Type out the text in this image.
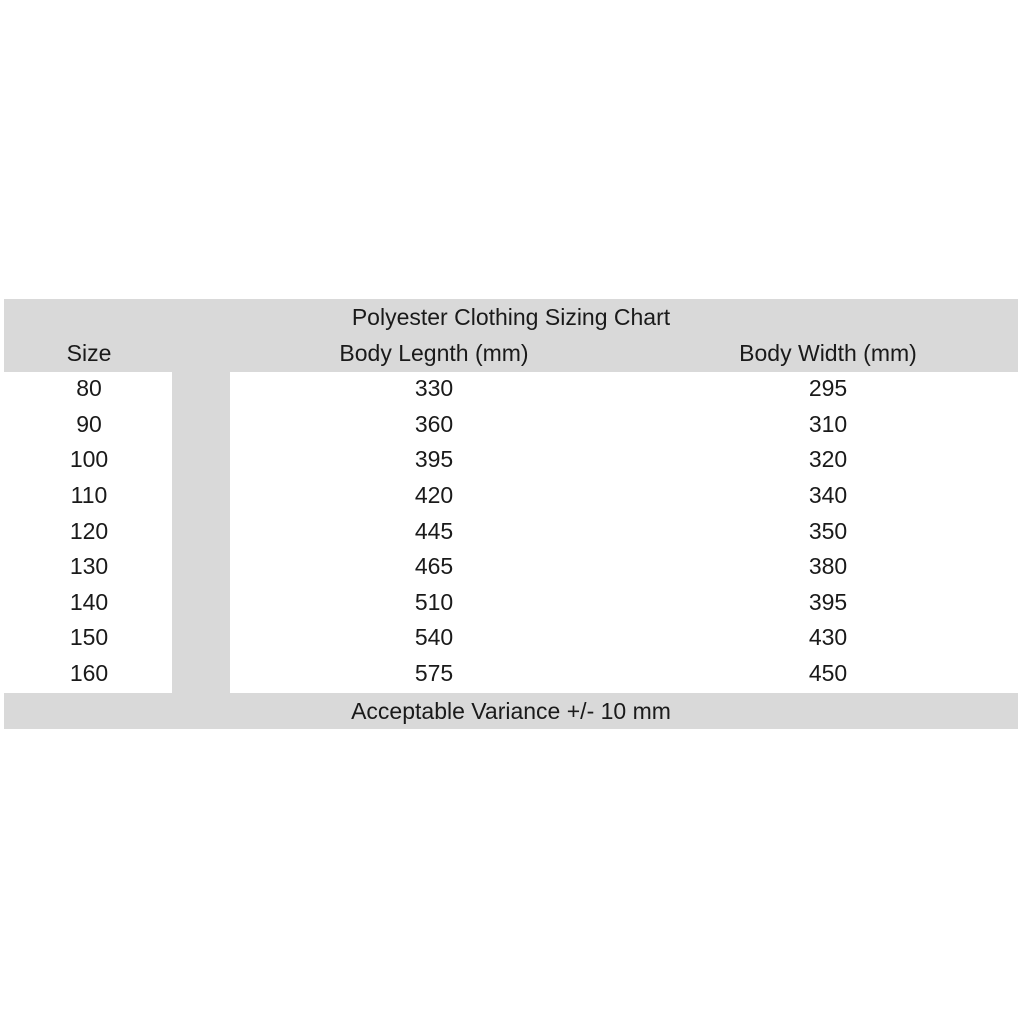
Polyester Clothing Sizing Chart
Size	Body Legnth (mm)	Body Width (mm)
80	330	295
90	360	310
100	395	320
110	420	340
120	445	350
130	465	380
140	510	395
150	540	430
160	575	450
Acceptable Variance +/- 10 mm
